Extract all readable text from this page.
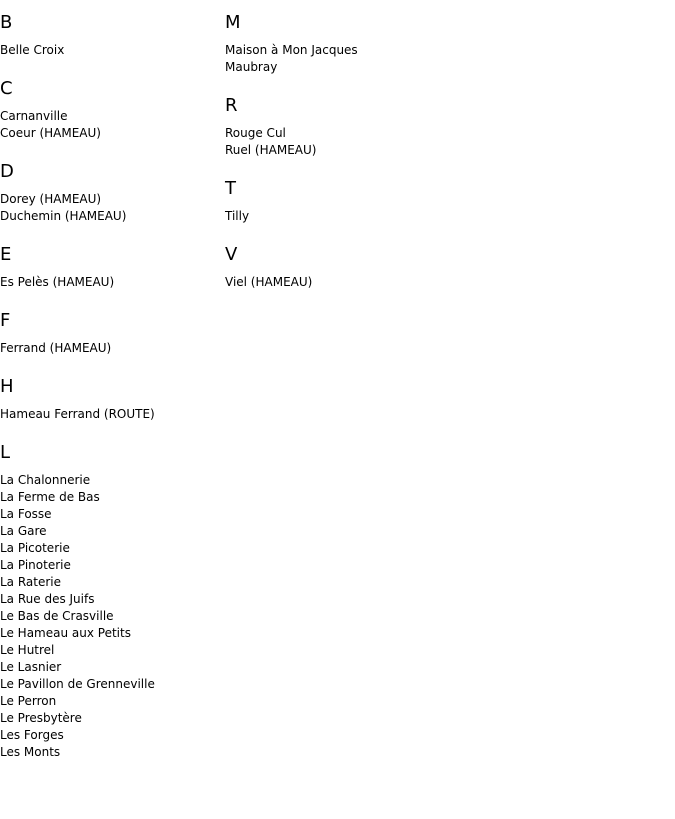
B
Belle Croix
C
Carnanville
Coeur (HAMEAU)
D
Dorey (HAMEAU)
Duchemin (HAMEAU)
E
Es Pelès (HAMEAU)
F
Ferrand (HAMEAU)
H
Hameau Ferrand (ROUTE)
L
La Chalonnerie
La Ferme de Bas
La Fosse
La Gare
La Picoterie
La Pinoterie
La Raterie
La Rue des Juifs
Le Bas de Crasville
Le Hameau aux Petits
Le Hutrel
Le Lasnier
Le Pavillon de Grenneville
Le Perron
Le Presbytère
Les Forges
Les Monts
M
Maison à Mon Jacques
Maubray
R
Rouge Cul
Ruel (HAMEAU)
T
Tilly
V
Viel (HAMEAU)
